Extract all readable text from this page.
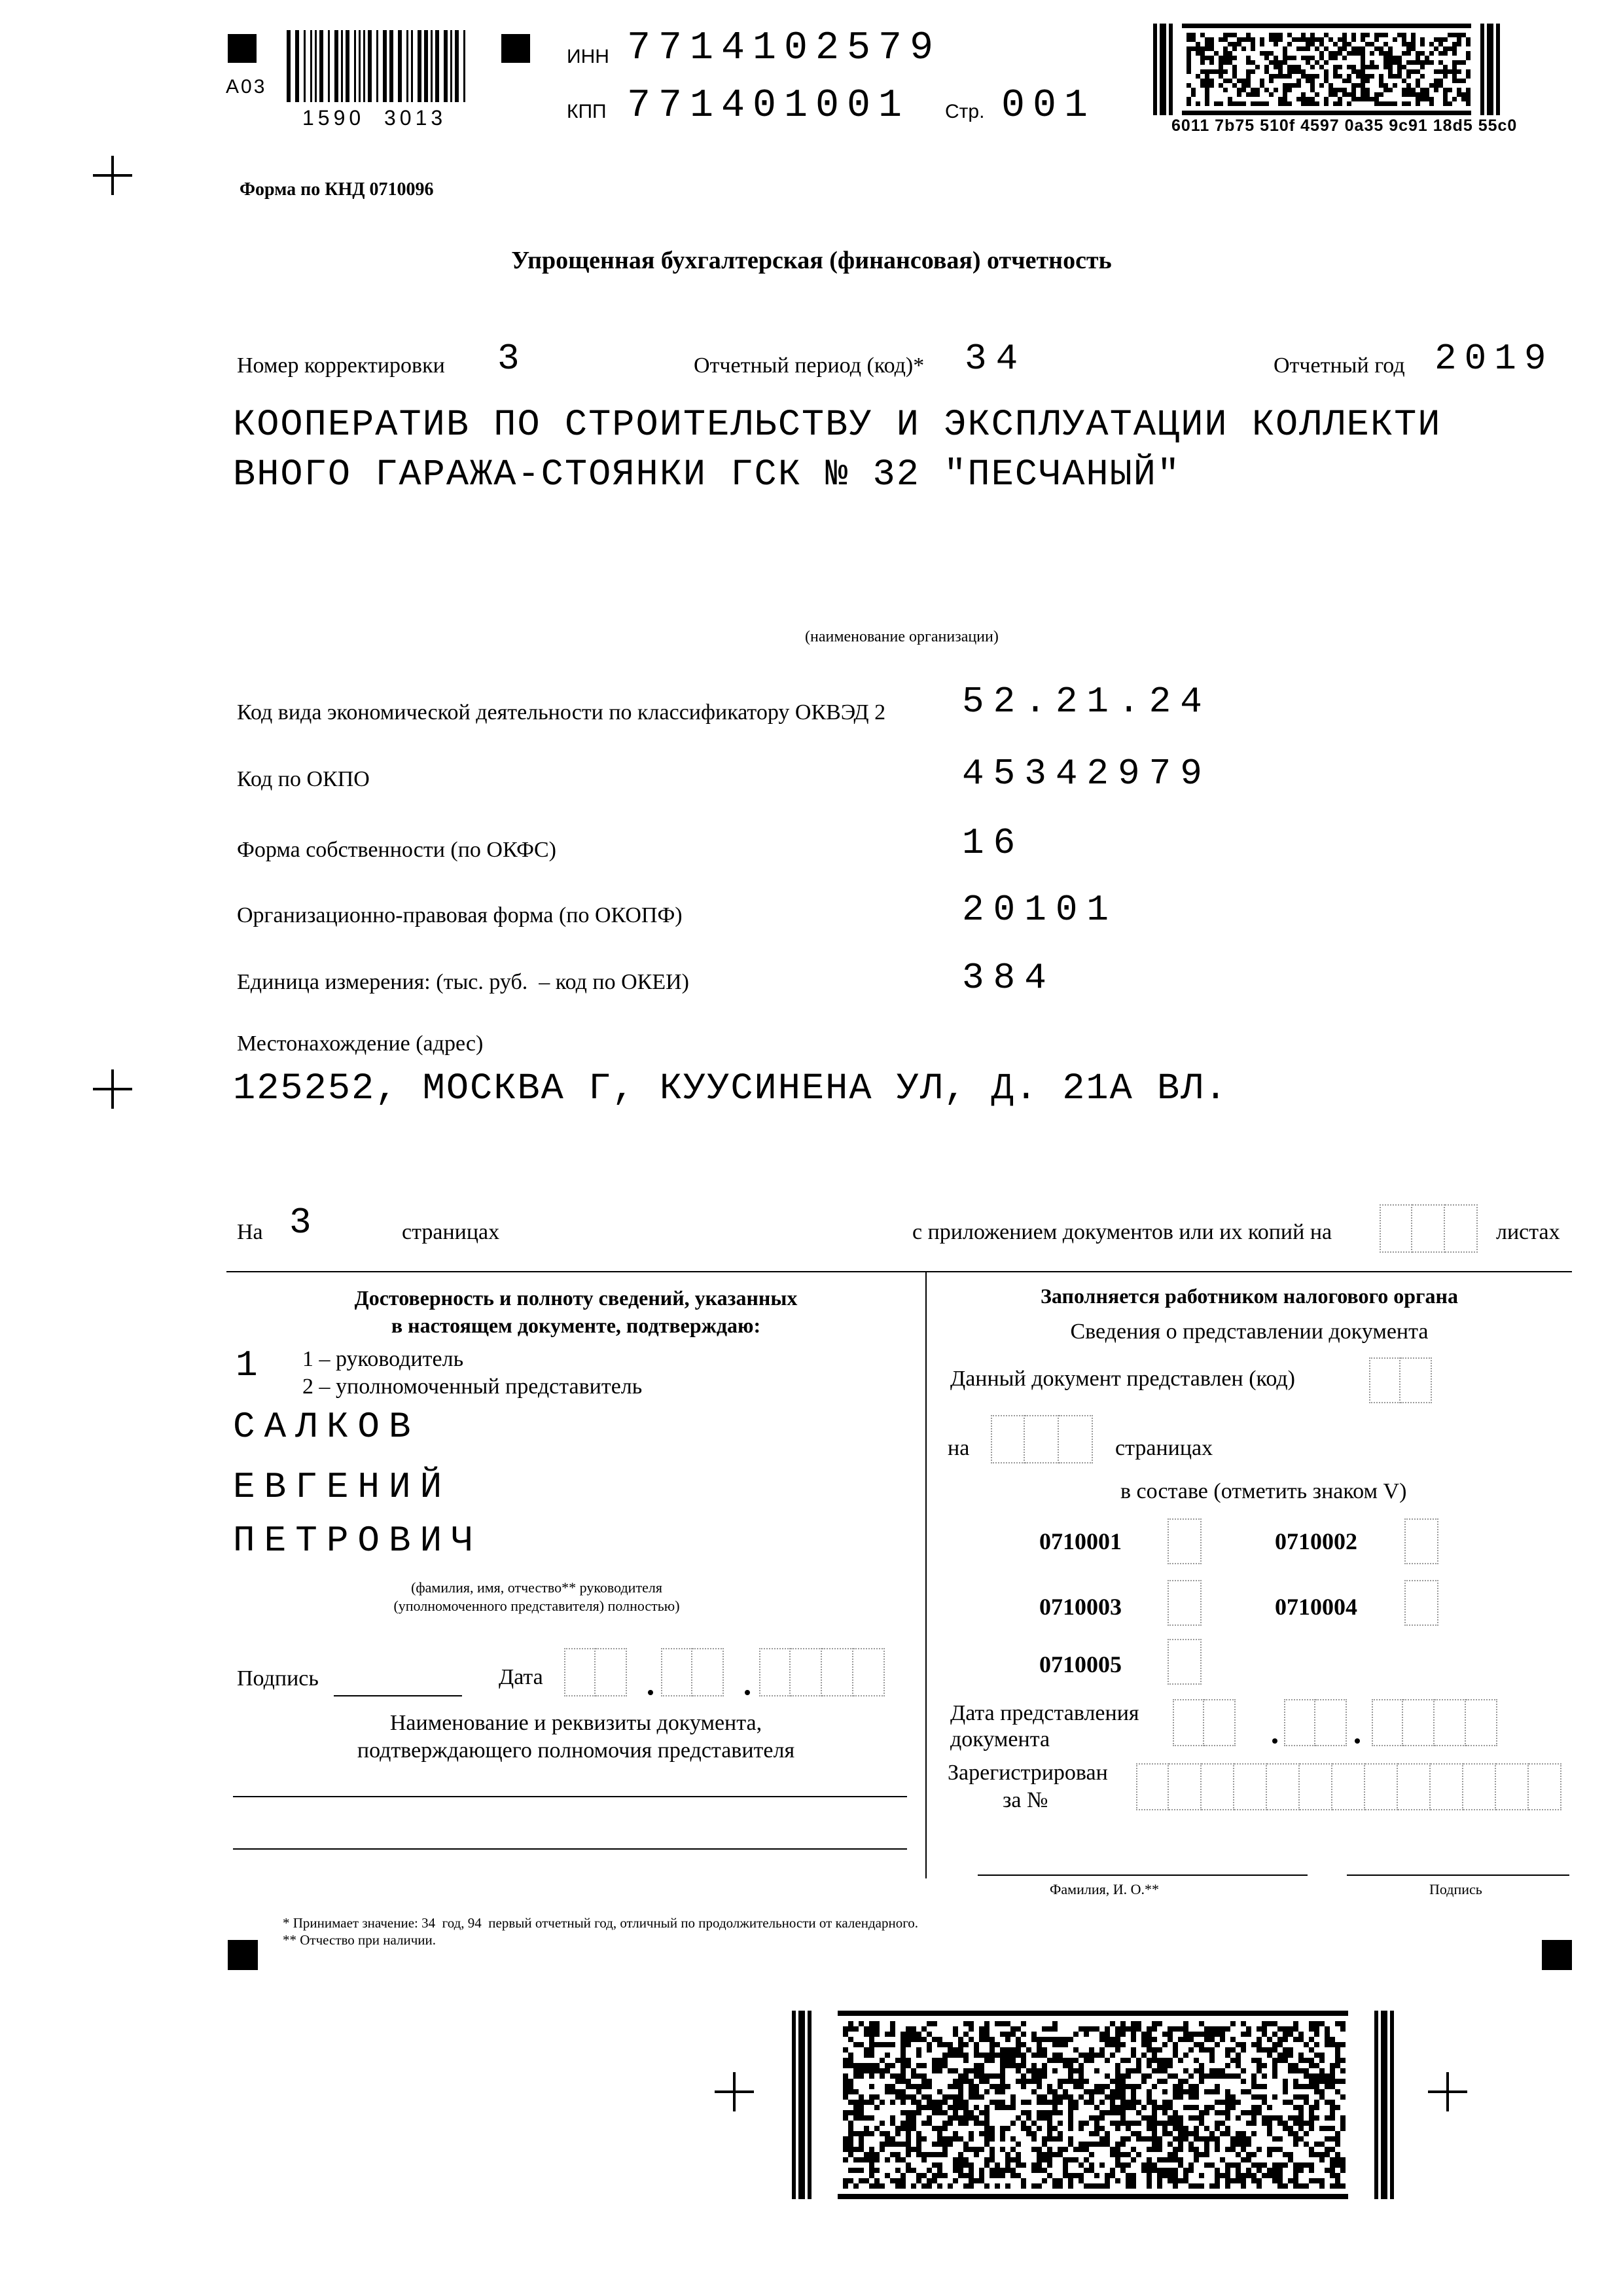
A03
1590  3013
ИНН 7714102579
КПП 771401001 Стр. 001	6011 7b75 510f 4597 0a35 9c91 18d5 55c0
Форма по КНД 0710096
Упрощенная бухгалтерская (финансовая) отчетность
Номер корректировки 3	Отчетный период (код)* 34	Отчетный год 2019
КООПЕРАТИВ ПО СТРОИТЕЛЬСТВУ И ЭКСПЛУАТАЦИИ КОЛЛЕКТИ
ВНОГО ГАРАЖА-СТОЯНКИ ГСК № 32 "ПЕСЧАНЫЙ"
(наименование организации)
Код вида экономической деятельности по классификатору ОКВЭД 2 52.21.24
Код по ОКПО	45342979
Форма собственности (по ОКФС)	16
Организационно-правовая форма (по ОКОПФ)	20101
Единица измерения: (тыс. руб.  – код по ОКЕИ)	384
Местонахождение (адрес)
125252, МОСКВА Г, КУУСИНЕНА УЛ, Д. 21А ВЛ.
На 3	страницах	с приложением документов или их копий на	листах
Достоверность и полноту сведений, указанных
в настоящем документе, подтверждаю:
1 1 – руководитель
2 – уполномоченный представитель
САЛКОВ
ЕВГЕНИЙ
ПЕТРОВИЧ
(фамилия, имя, отчество** руководителя
(уполномоченного представителя) полностью)
Подпись	Дата
Наименование и реквизиты документа,
подтверждающего полномочия представителя
Заполняется работником налогового органа
Сведения о представлении документа
Данный документ представлен (код)
на	страницах
в составе (отметить знаком V)
0710001	0710002
0710003	0710004
0710005
Дата представления
документа
Зарегистрирован
за №
Фамилия, И. О.**	Подпись
* Принимает значение: 34  год, 94  первый отчетный год, отличный по продолжительности от календарного.
** Отчество при наличии.
